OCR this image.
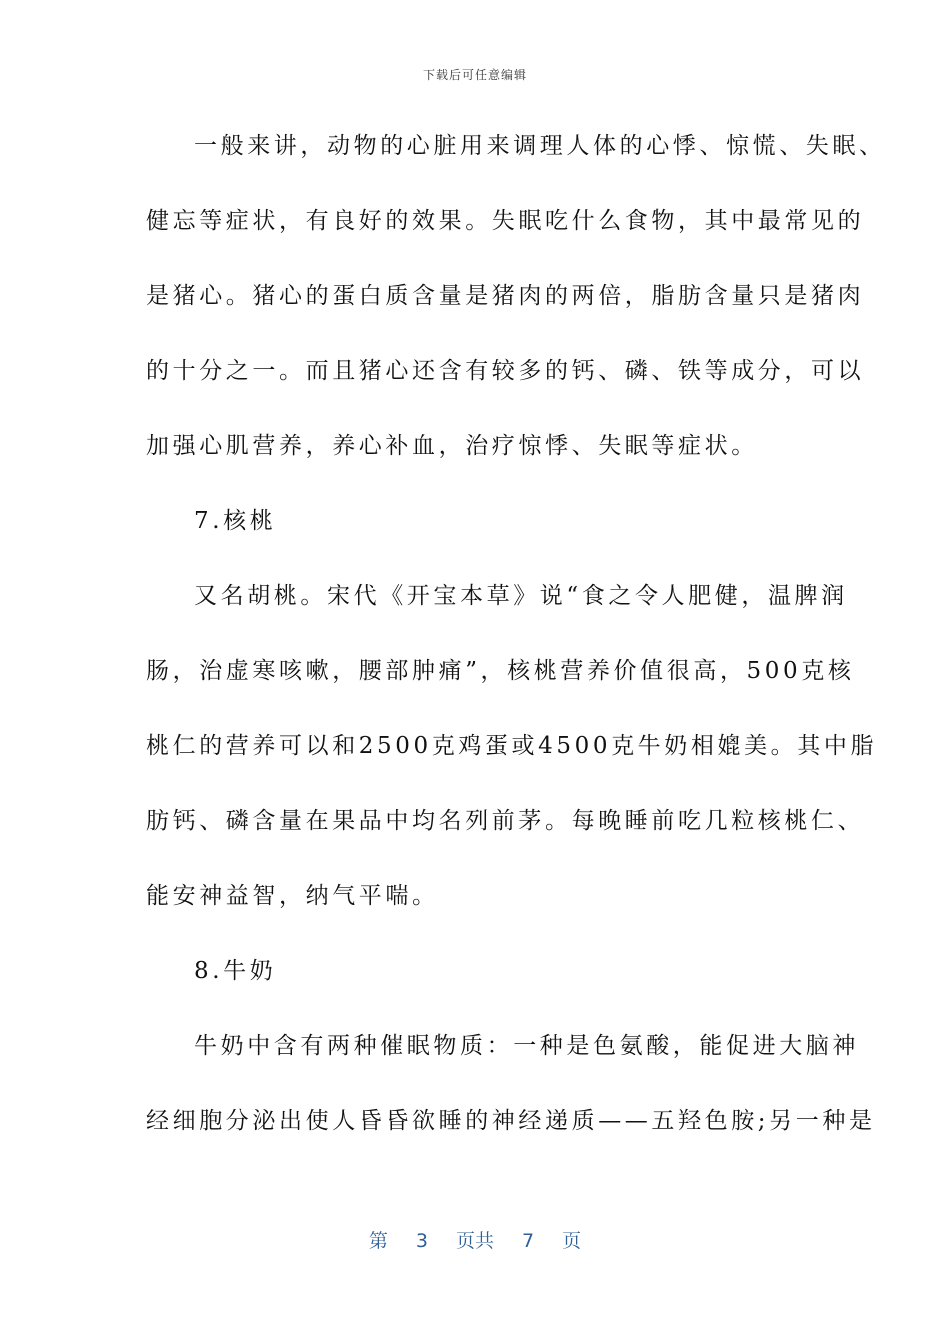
下载后可任意编辑
一般来讲，动物的心脏用来调理人体的心悸、惊慌、失眠、
健忘等症状，有良好的效果。失眠吃什么食物，其中最常见的
是猪心。猪心的蛋白质含量是猪肉的两倍，脂肪含量只是猪肉
的十分之一。而且猪心还含有较多的钙、磷、铁等成分，可以
加强心肌营养，养心补血，治疗惊悸、失眠等症状。
7.核桃
又名胡桃。宋代《开宝本草》说“食之令人肥健，温脾润
肠，治虚寒咳嗽，腰部肿痛”，核桃营养价值很高，500克核
桃仁的营养可以和2500克鸡蛋或4500克牛奶相媲美。其中脂
肪钙、磷含量在果品中均名列前茅。每晚睡前吃几粒核桃仁、
能安神益智，纳气平喘。
8.牛奶
牛奶中含有两种催眠物质：一种是色氨酸，能促进大脑神
经细胞分泌出使人昏昏欲睡的神经递质——五羟色胺;另一种是
第 3 页共 7 页
